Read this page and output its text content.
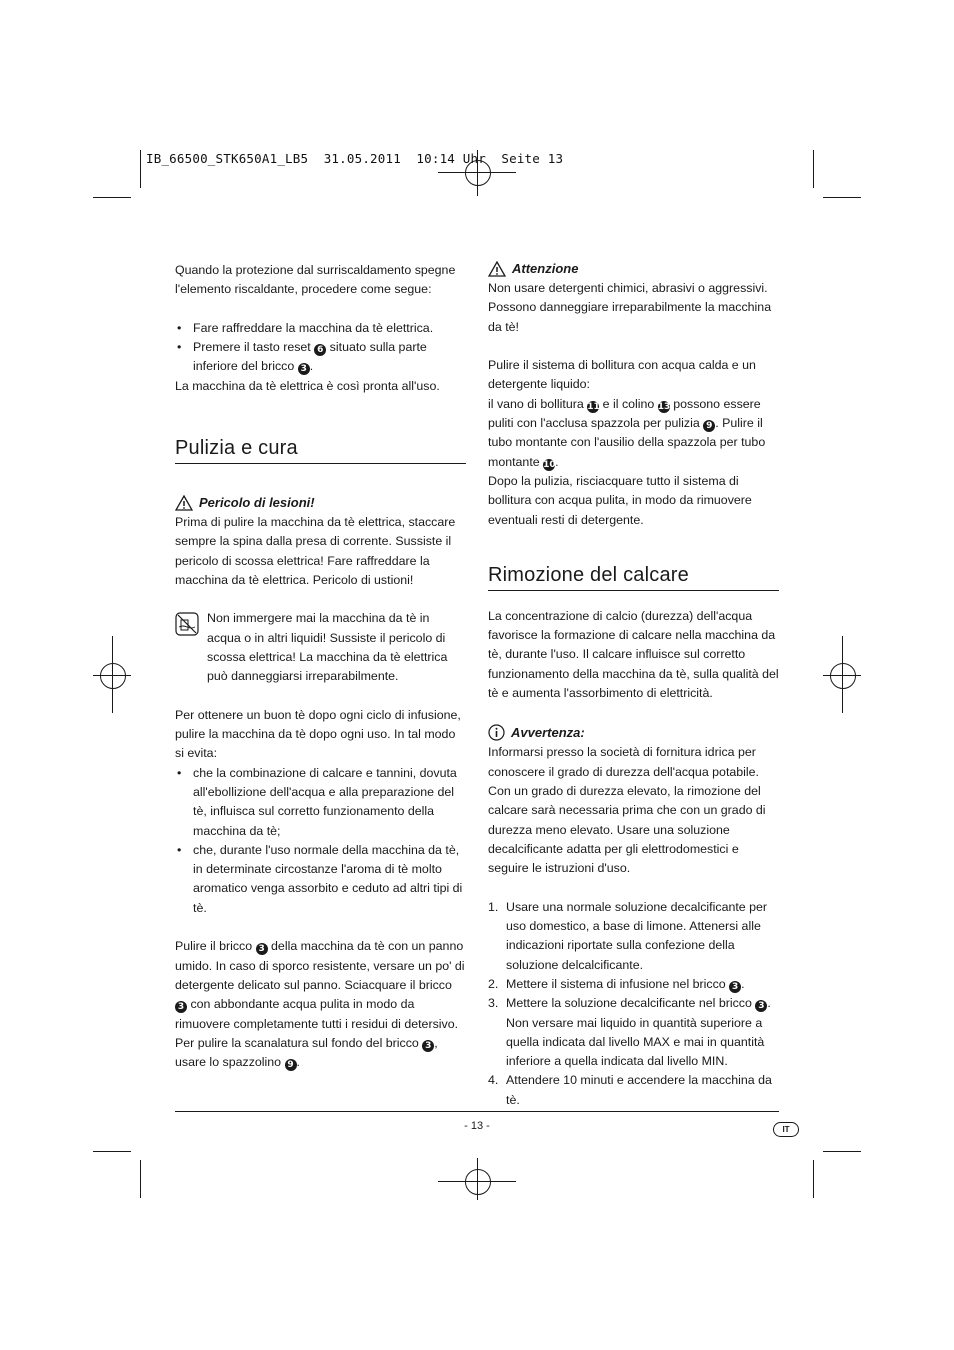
IB_66500_STK650A1_LB5  31.05.2011  10:14 Uhr  Seite 13

Quando la protezione dal surriscaldamento spegne l'elemento riscaldante, procedere come segue:

• Fare raffreddare la macchina da tè elettrica.

• Premere il tasto reset 6 situato sulla parte inferiore del bricco 3 .

La macchina da tè elettrica è così pronta all'uso.

Pulizia e cura
Pericolo di lesioni!

Prima di pulire la macchina da tè elettrica, staccare sempre la spina dalla presa di corrente. Sussiste il pericolo di scossa elettrica! Fare raffreddare la macchina da tè elettrica. Pericolo di ustioni!

Non immergere mai la macchina da tè in acqua o in altri liquidi! Sussiste il pericolo di scossa elettrica! La macchina da tè elettrica può danneggiarsi irreparabilmente.

Per ottenere un buon tè dopo ogni ciclo di infusione, pulire la macchina da tè dopo ogni uso. In tal modo si evita:

• che la combinazione di calcare e tannini, dovuta all'ebollizione dell'acqua e alla preparazione del tè, influisca sul corretto funzionamento della macchina da tè;

• che, durante l'uso normale della macchina da tè, in determinate circostanze l'aroma di tè molto aromatico venga assorbito e ceduto ad altri tipi di tè.

Pulire il bricco 3 della macchina da tè con un panno umido. In caso di sporco resistente, versare un po' di detergente delicato sul panno. Sciacquare il bricco 3 con abbondante acqua pulita in modo da rimuovere completamente tutti i residui di detersivo. Per pulire la scanalatura sul fondo del bricco 3 , usare lo spazzolino 9 .

Attenzione

Non usare detergenti chimici, abrasivi o aggressivi. Possono danneggiare irreparabilmente la macchina da tè!

Pulire il sistema di bollitura con acqua calda e un detergente liquido:

il vano di bollitura 11 e il colino 13 possono essere puliti con l'acclusa spazzola per pulizia 9 . Pulire il tubo montante con l'ausilio della spazzola per tubo montante 10.

Dopo la pulizia, risciacquare tutto il sistema di bollitura con acqua pulita, in modo da rimuovere eventuali resti di detergente.

Rimozione del calcare

La concentrazione di calcio (durezza) dell'acqua favorisce la formazione di calcare nella macchina da tè, durante l'uso. Il calcare influisce sul corretto funzionamento della macchina da tè, sulla qualità del tè e aumenta l'assorbimento di elettricità.

Avvertenza:

Informarsi presso la società di fornitura idrica per conoscere il grado di durezza dell'acqua potabile. Con un grado di durezza elevato, la rimozione del calcare sarà necessaria prima che con un grado di durezza meno elevato. Usare una soluzione decalcificante adatta per gli elettrodomestici e seguire le istruzioni d'uso.

1. Usare una normale soluzione decalcificante per uso domestico, a base di limone. Attenersi alle indicazioni riportate sulla confezione della soluzione delcalcificante.

2. Mettere il sistema di infusione nel bricco 3 .

3. Mettere la soluzione decalcificante nel bricco 3 . Non versare mai liquido in quantità superiore a quella indicata dal livello MAX e mai in quantità inferiore a quella indicata dal livello MIN.

4. Attendere 10 minuti e accendere la macchina da tè.

- 13 -	IT
